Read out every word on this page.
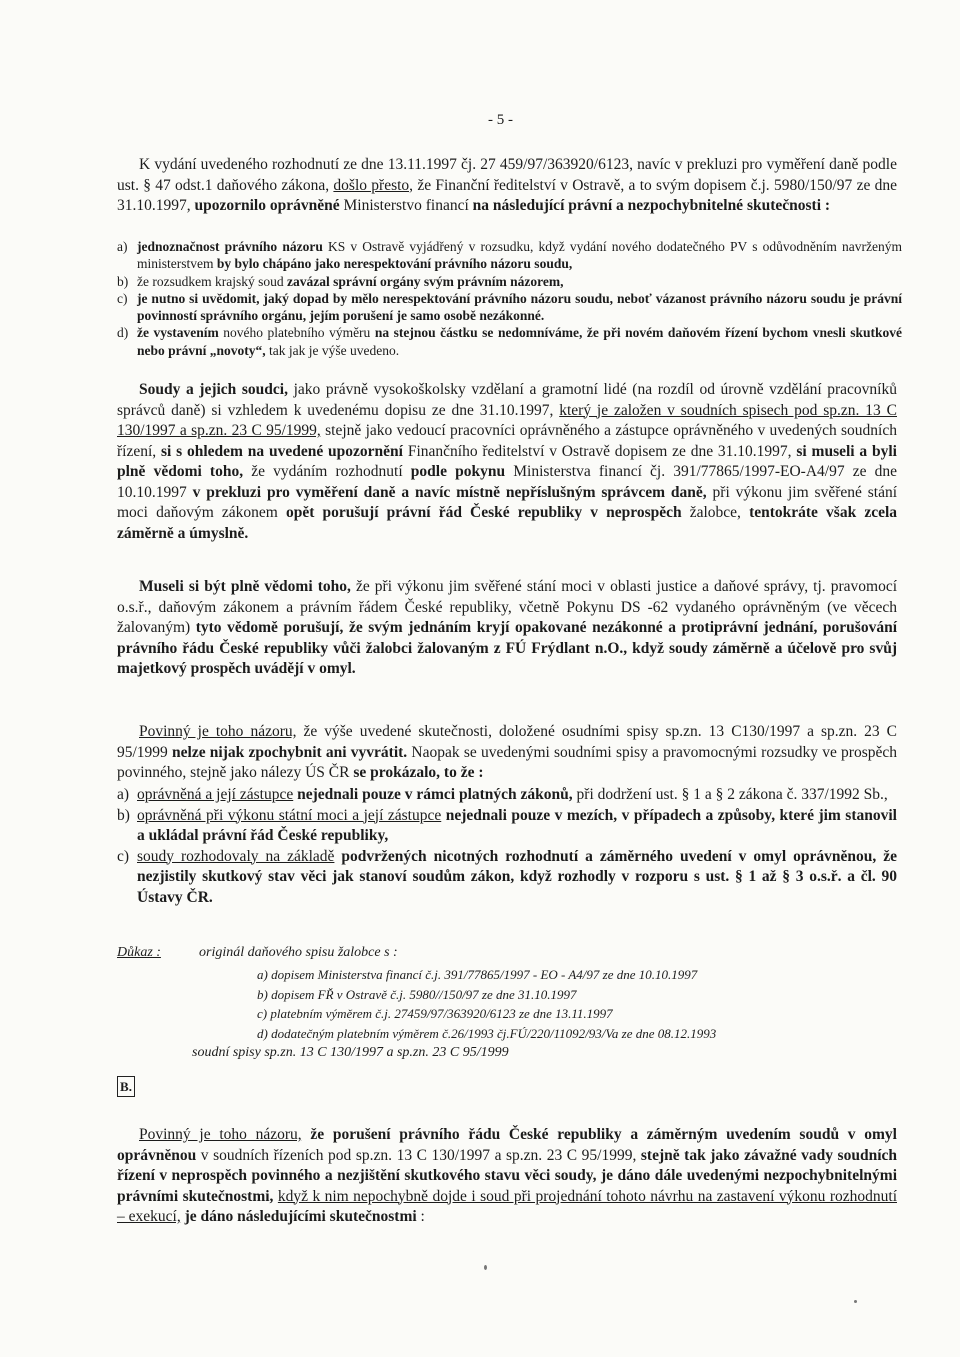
- 5 -
K vydání uvedeného rozhodnutí ze dne 13.11.1997 čj. 27 459/97/363920/6123, navíc v prekluzi pro vyměření daně podle ust. § 47 odst.1 daňového zákona, došlo přesto, že Finanční ředitelství v Ostravě, a to svým dopisem č.j. 5980/150/97 ze dne 31.10.1997, upozornilo oprávněné Ministerstvo financí na následující právní a nezpochybnitelné skutečnosti :
a) jednoznačnost právního názoru KS v Ostravě vyjádřený v rozsudku, když vydání nového dodatečného PV s odůvodněním navrženým ministerstvem by bylo chápáno jako nerespektování právního názoru soudu,
b) že rozsudkem krajský soud zavázal správní orgány svým právním názorem,
c) je nutno si uvědomit, jaký dopad by mělo nerespektování právního názoru soudu, neboť vázanost právního názoru soudu je právní povinností správního orgánu, jejím porušení je samo osobě nezákonné.
d) že vystavením nového platebního výměru na stejnou částku se nedomníváme, že při novém daňovém řízení bychom vnesli skutkové nebo právní „novoty“, tak jak je výše uvedeno.
Soudy a jejich soudci, jako právně vysokoškolsky vzdělaní a gramotní lidé (na rozdíl od úrovně vzdělání pracovníků správců daně) si vzhledem k uvedenému dopisu ze dne 31.10.1997, který je založen v soudních spisech pod sp.zn. 13 C 130/1997 a sp.zn. 23 C 95/1999, stejně jako vedoucí pracovníci oprávněného a zástupce oprávněného v uvedených soudních řízení, si s ohledem na uvedené upozornění Finančního ředitelství v Ostravě dopisem ze dne 31.10.1997, si museli a byli plně vědomi toho, že vydáním rozhodnutí podle pokynu Ministerstva financí čj. 391/77865/1997-EO-A4/97 ze dne 10.10.1997 v prekluzi pro vyměření daně a navíc místně nepříslušným správcem daně, při výkonu jim svěřené stání moci daňovým zákonem opět porušují právní řád České republiky v neprospěch žalobce, tentokráte však zcela záměrně a úmyslně.
Museli si být plně vědomi toho, že při výkonu jim svěřené stání moci v oblasti justice a daňové správy, tj. pravomocí o.s.ř., daňovým zákonem a právním řádem České republiky, včetně Pokynu DS -62 vydaného oprávněným (ve věcech žalovaným) tyto vědomě porušují, že svým jednáním kryjí opakované nezákonné a protiprávní jednání, porušování právního řádu České republiky vůči žalobci žalovaným z FÚ Frýdlant n.O., když soudy záměrně a účelově pro svůj majetkový prospěch uvádějí v omyl.
Povinný je toho názoru, že výše uvedené skutečnosti, doložené osudními spisy sp.zn. 13 C130/1997 a sp.zn. 23 C 95/1999 nelze nijak zpochybnit ani vyvrátit. Naopak se uvedenými soudními spisy a pravomocnými rozsudky ve prospěch povinného, stejně jako nálezy ÚS ČR se prokázalo, to že :
a) oprávněná a její zástupce nejednali pouze v rámci platných zákonů, při dodržení ust. § 1 a § 2 zákona č. 337/1992 Sb.,
b) oprávněná při výkonu státní moci a její zástupce nejednali pouze v mezích, v případech a způsoby, které jim stanovil a ukládal právní řád České republiky,
c) soudy rozhodovaly na základě podvržených nicotných rozhodnutí a záměrného uvedení v omyl oprávněnou, že nezjistily skutkový stav věci jak stanoví soudům zákon, když rozhodly v rozporu s ust. § 1 až § 3 o.s.ř. a čl. 90 Ústavy ČR.
Důkaz :	originál daňového spisu žalobce s :
a) dopisem Ministerstva financí č.j. 391/77865/1997 - EO - A4/97 ze dne 10.10.1997
b) dopisem FŘ v Ostravě č.j. 5980//150/97 ze dne 31.10.1997
c) platebním výměrem č.j. 27459/97/363920/6123 ze dne 13.11.1997
d) dodatečným platebním výměrem č.26/1993 čj.FÚ/220/11092/93/Va ze dne 08.12.1993
soudní spisy sp.zn. 13 C 130/1997 a sp.zn. 23 C 95/1999
B.
Povinný je toho názoru, že porušení právního řádu České republiky a záměrným uvedením soudů v omyl oprávněnou v soudních řízeních pod sp.zn. 13 C 130/1997 a sp.zn. 23 C 95/1999, stejně tak jako závažné vady soudních řízení v neprospěch povinného a nezjištění skutkového stavu věci soudy, je dáno dále uvedenými nezpochybnitelnými právními skutečnostmi, když k nim nepochybně dojde i soud při projednání tohoto návrhu na zastavení výkonu rozhodnutí – exekucí, je dáno následujícími skutečnostmi :
